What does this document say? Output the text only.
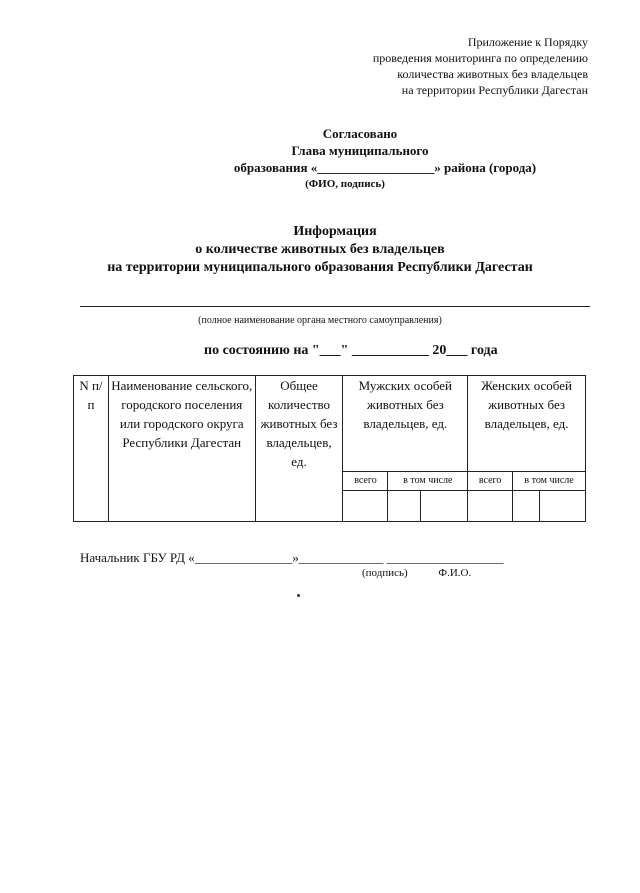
Приложение к Порядку
проведения мониторинга по определению
количества животных без владельцев
на территории Республики Дагестан
Согласовано
Глава муниципального
образования «__________________» района (города)
(ФИО, подпись)
Информация
о количестве животных без владельцев
на территории муниципального образования Республики Дагестан
(полное наименование органа местного самоуправления)
по состоянию на "___" ___________ 20___ года
N п/п	Наименование сельского, городского поселения или городского округа Республики Дагестан	Общее количество животных без владельцев, ед.	Мужских особей животных без владельцев, ед.			Женских особей животных без владельцев, ед.		
			всего	в том числе		всего	в том числе	

Начальник ГБУ РД «_______________»_____________ __________________
(подпись)	Ф.И.О.
